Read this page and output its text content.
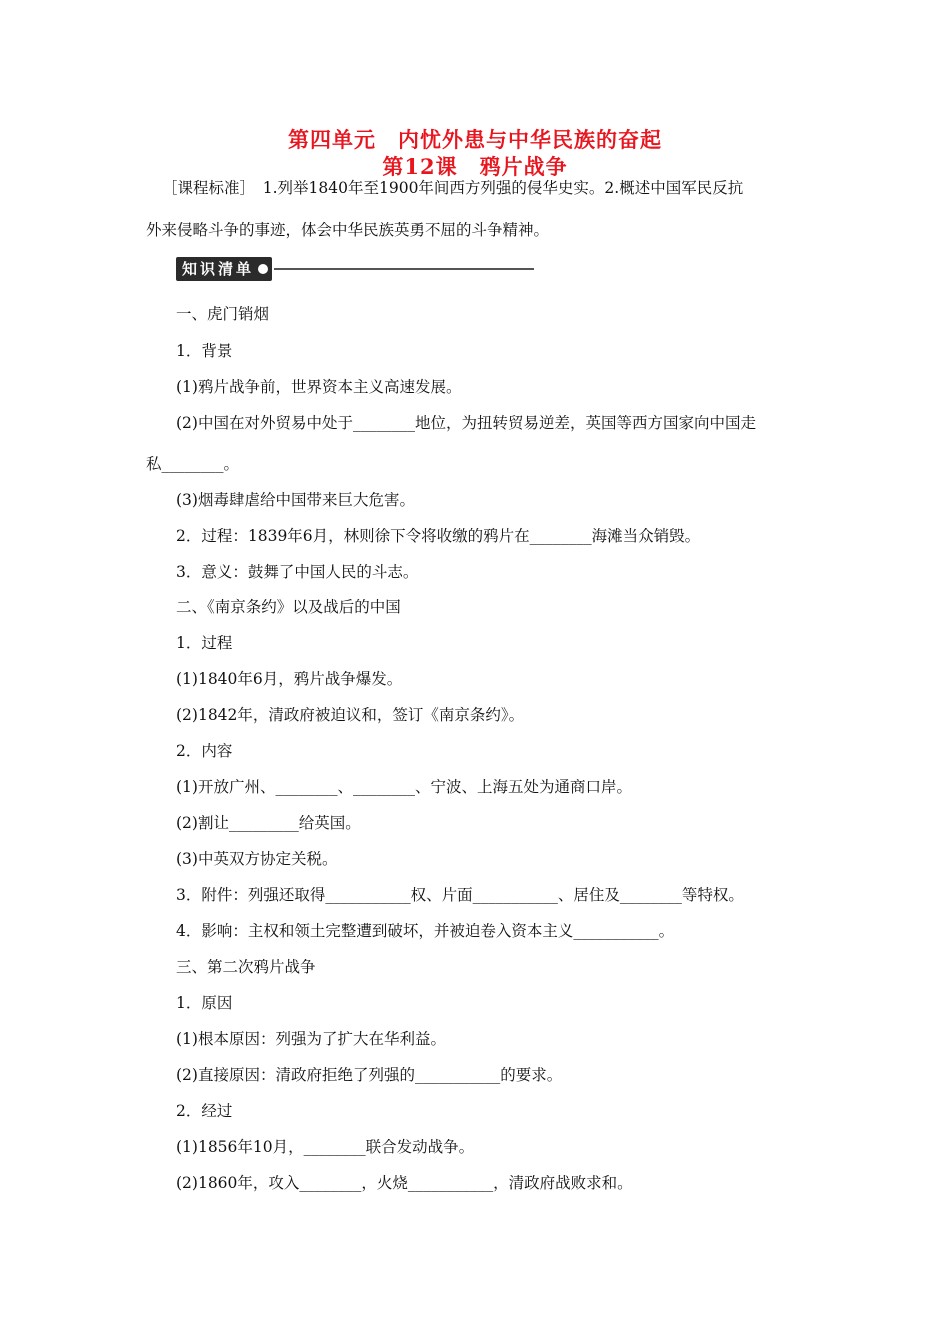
第四单元　内忧外患与中华民族的奋起
第12课　鸦片战争
［课程标准］　1.列举1840年至1900年间西方列强的侵华史实。2.概述中国军民反抗
外来侵略斗争的事迹，体会中华民族英勇不屈的斗争精神。
知识清单
一、虎门销烟
1．背景
(1)鸦片战争前，世界资本主义高速发展。
(2)中国在对外贸易中处于________地位，为扭转贸易逆差，英国等西方国家向中国走
私________。
(3)烟毒肆虐给中国带来巨大危害。
2．过程：1839年6月，林则徐下令将收缴的鸦片在________海滩当众销毁。
3．意义：鼓舞了中国人民的斗志。
二、《南京条约》以及战后的中国
1．过程
(1)1840年6月，鸦片战争爆发。
(2)1842年，清政府被迫议和，签订《南京条约》。
2．内容
(1)开放广州、________、________、宁波、上海五处为通商口岸。
(2)割让_________给英国。
(3)中英双方协定关税。
3．附件：列强还取得___________权、片面___________、居住及________等特权。
4．影响：主权和领土完整遭到破坏，并被迫卷入资本主义___________。
三、第二次鸦片战争
1．原因
(1)根本原因：列强为了扩大在华利益。
(2)直接原因：清政府拒绝了列强的___________的要求。
2．经过
(1)1856年10月，________联合发动战争。
(2)1860年，攻入________，火烧___________，清政府战败求和。
